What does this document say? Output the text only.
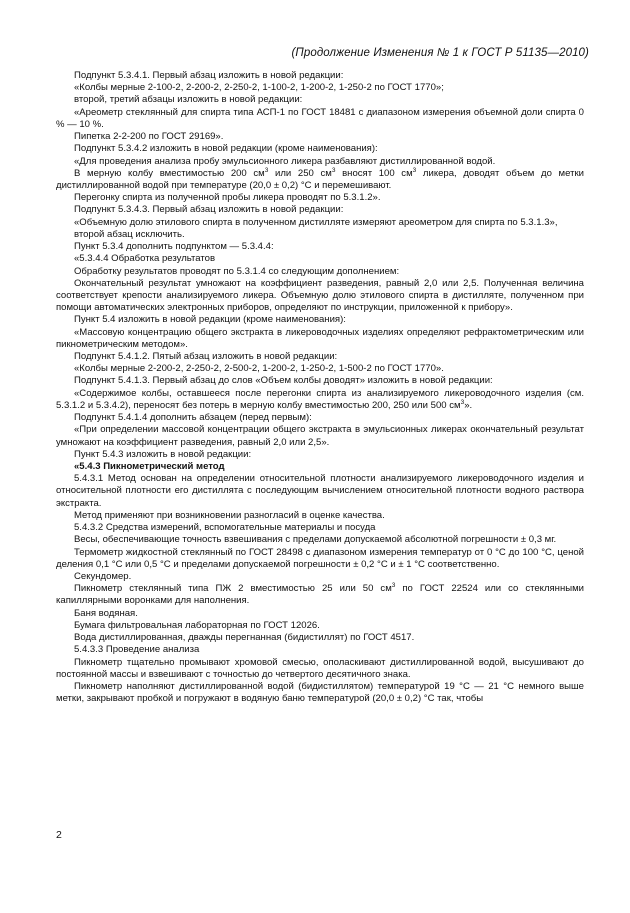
(Продолжение Изменения № 1 к ГОСТ Р 51135—2010)

Подпункт 5.3.4.1. Первый абзац изложить в новой редакции:

«Колбы мерные 2-100-2, 2-200-2, 2-250-2, 1-100-2, 1-200-2, 1-250-2 по ГОСТ 1770»;

второй, третий абзацы изложить в новой редакции:

«Ареометр стеклянный для спирта типа АСП-1 по ГОСТ 18481 с диапазоном измерения объемной доли спирта 0 % — 10 %.

Пипетка 2-2-200 по ГОСТ 29169».

Подпункт 5.3.4.2 изложить в новой редакции (кроме наименования):

«Для проведения анализа пробу эмульсионного ликера разбавляют дистиллированной водой.

В мерную колбу вместимостью 200 $см^3$ или 250 $см^3$ вносят 100 $см^3$ ликера, доводят объем до метки дистиллированной водой при температуре (20,0 ± 0,2) °С и перемешивают.

Перегонку спирта из полученной пробы ликера проводят по 5.3.1.2».

Подпункт 5.3.4.3. Первый абзац изложить в новой редакции:

«Объемную долю этилового спирта в полученном дистилляте измеряют ареометром для спирта по 5.3.1.3»,

второй абзац исключить.

Пункт 5.3.4 дополнить подпунктом — 5.3.4.4:

«5.3.4.4 Обработка результатов

Обработку результатов проводят по 5.3.1.4 со следующим дополнением:

Окончательный результат умножают на коэффициент разведения, равный 2,0 или 2,5. Полученная величина соответствует крепости анализируемого ликера. Объемную долю этилового спирта в дистилляте, полученном при помощи автоматических электронных приборов, определяют по инструкции, приложенной к прибору».

Пункт 5.4 изложить в новой редакции (кроме наименования):

«Массовую концентрацию общего экстракта в ликероводочных изделиях определяют рефрактометрическим или пикнометрическим методом».

Подпункт 5.4.1.2. Пятый абзац изложить в новой редакции:

«Колбы мерные 2-200-2, 2-250-2, 2-500-2, 1-200-2, 1-250-2, 1-500-2 по ГОСТ 1770».

Подпункт 5.4.1.3. Первый абзац до слов «Объем колбы доводят» изложить в новой редакции:

«Содержимое колбы, оставшееся после перегонки спирта из анализируемого ликероводочного изделия (см. 5.3.1.2 и 5.3.4.2), переносят без потерь в мерную колбу вместимостью 200, 250 или 500 $см^3$».

Подпункт 5.4.1.4 дополнить абзацем (перед первым):

«При определении массовой концентрации общего экстракта в эмульсионных ликерах окончательный результат умножают на коэффициент разведения, равный 2,0 или 2,5».

Пункт 5.4.3 изложить в новой редакции:

«5.4.3 Пикнометрический метод

5.4.3.1 Метод основан на определении относительной плотности анализируемого ликероводочного изделия и относительной плотности его дистиллята с последующим вычислением относительной плотности водного раствора экстракта.

Метод применяют при возникновении разногласий в оценке качества.

5.4.3.2 Средства измерений, вспомогательные материалы и посуда

Весы, обеспечивающие точность взвешивания с пределами допускаемой абсолютной погрешности ± 0,3 мг.

Термометр жидкостной стеклянный по ГОСТ 28498 с диапазоном измерения температур от 0 °С до 100 °С, ценой деления 0,1 °С или 0,5 °С и пределами допускаемой погрешности ± 0,2 °С и ± 1 °С соответственно.

Секундомер.

Пикнометр стеклянный типа ПЖ 2 вместимостью 25 или 50 $см^3$ по ГОСТ 22524 или со стеклянными капиллярными воронками для наполнения.

Баня водяная.

Бумага фильтровальная лабораторная по ГОСТ 12026.

Вода дистиллированная, дважды перегнанная (бидистиллят) по ГОСТ 4517.

5.4.3.3 Проведение анализа

Пикнометр тщательно промывают хромовой смесью, ополаскивают дистиллированной водой, высушивают до постоянной массы и взвешивают с точностью до четвертого десятичного знака.

Пикнометр наполняют дистиллированной водой (бидистиллятом) температурой 19 °С — 21 °С немного выше метки, закрывают пробкой и погружают в водяную баню температурой (20,0 ± 0,2) °С так, чтобы

2
